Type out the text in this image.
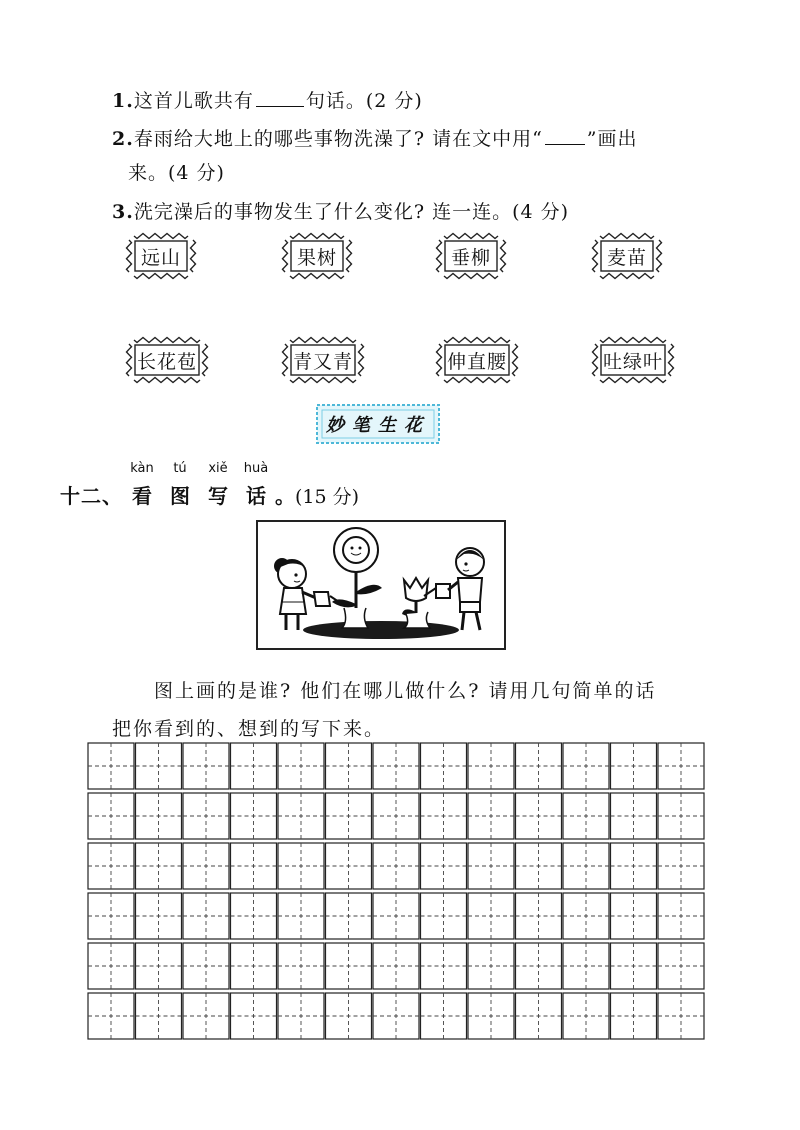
1.这首儿歌共有	句话。(2 分)
2.春雨给大地上的哪些事物洗澡了? 请在文中用“ ”画出
来。(4 分)
3.洗完澡后的事物发生了什么变化? 连一连。(4 分)
远山	果树	垂柳	麦苗
长花苞	青又青	伸直腰	吐绿叶
妙笔生花
十二、
kàn
看
tú
图
xiě
写
huà
话 。(15 分)
图上画的是谁? 他们在哪儿做什么? 请用几句简单的话
把你看到的、想到的写下来。
